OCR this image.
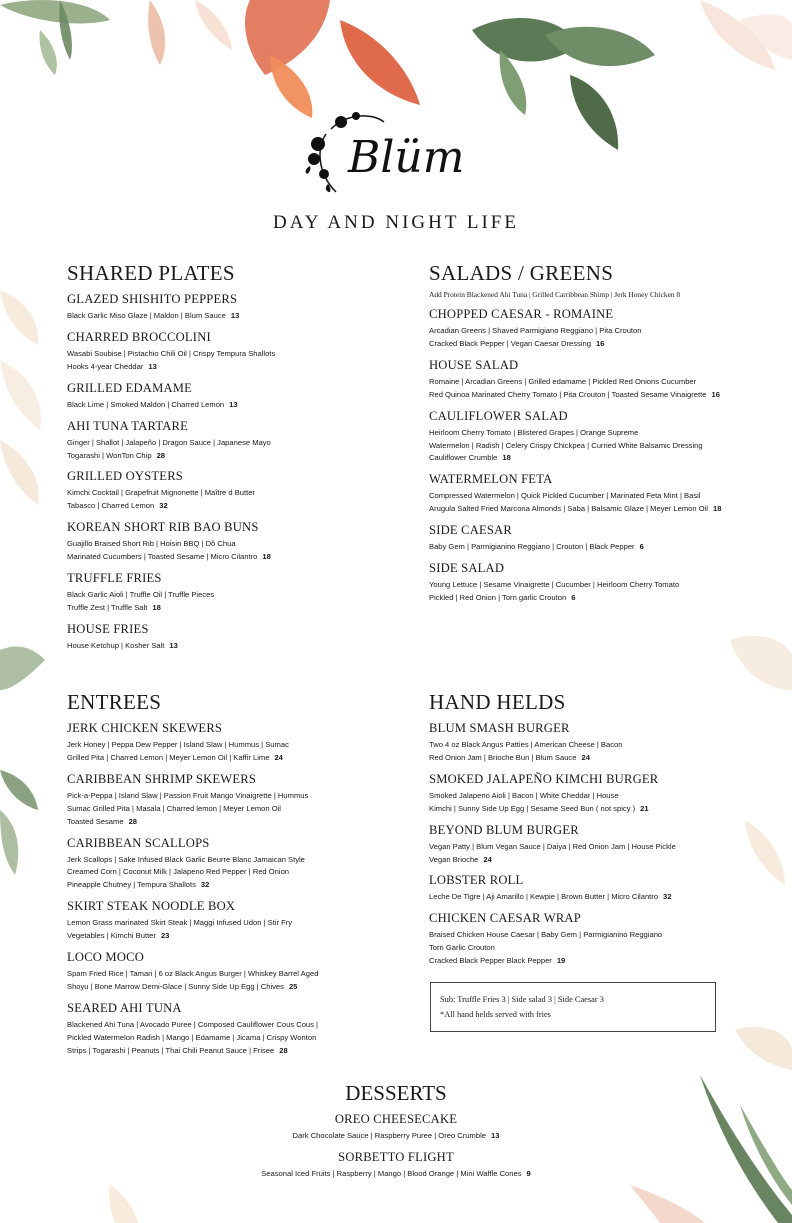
Blüm
DAY AND NIGHT LIFE
SHARED PLATES
GLAZED SHISHITO PEPPERS
Black Garlic Miso Glaze | Maldon | Blum Sauce 13
CHARRED BROCCOLINI
Wasabi Soubise | Pistachio Chili Oil | Crispy Tempura Shallots
Hooks 4-year Cheddar 13
GRILLED EDAMAME
Black Lime | Smoked Maldon | Charred Lemon 13
AHI TUNA TARTARE
Ginger | Shallot | Jalapeño | Dragon Sauce | Japanese Mayo
Togarashi | WonTon Chip 28
GRILLED OYSTERS
Kimchi Cocktail | Grapefruit Mignonette | Maître d Butter
Tabasco | Charred Lemon 32
KOREAN SHORT RIB BAO BUNS
Guajillo Braised Short Rib | Hoisin BBQ | Dô Chua
Marinated Cucumbers | Toasted Sesame | Micro Cilantro 18
TRUFFLE FRIES
Black Garlic Aioli | Truffle Oil | Truffle Pieces
Truffle Zest | Truffle Salt 18
HOUSE FRIES
House Ketchup | Kosher Salt 13
SALADS / GREENS
Add Protein Blackened Ahi Tuna | Grilled Carribbean Shimp | Jerk Honey Chicken 8
CHOPPED CAESAR - ROMAINE
Arcadian Greens | Shaved Parmigiano Reggiano | Pita Crouton
Cracked Black Pepper | Vegan Caesar Dressing 16
HOUSE SALAD
Romaine | Arcadian Greens | Grilled edamame | Pickled Red Onions Cucumber
Red Quinoa Marinated Cherry Tomato | Pita Crouton | Toasted Sesame Vinaigrette 16
CAULIFLOWER SALAD
Heirloom Cherry Tomato | Blistered Grapes | Orange Supreme
Watermelon | Radish | Celery Crispy Chickpea | Curried White Balsamic Dressing
Cauliflower Crumble 18
WATERMELON FETA
Compressed Watermelon | Quick Pickled Cucumber | Marinated Feta Mint | Basil
Arugula Salted Fried Marcona Almonds | Saba | Balsamic Glaze | Meyer Lemon Oil 18
SIDE CAESAR
Baby Gem | Parmigianino Reggiano | Crouton | Black Pepper 6
SIDE SALAD
Young Lettuce | Sesame Vinaigrette | Cucumber | Heirloom Cherry Tomato
Pickled | Red Onion | Torn garlic Crouton 6
ENTREES
JERK CHICKEN SKEWERS
Jerk Honey | Peppa Dew Pepper | Island Slaw | Hummus | Sumac
Grilled Pita | Charred Lemon | Meyer Lemon Oil | Kaffir Lime 24
CARIBBEAN SHRIMP SKEWERS
Pick-a-Peppa | Island Slaw | Passion Fruit Mango Vinaigrette | Hummus
Sumac Grilled Pita | Masala | Charred lemon | Meyer Lemon Oil
Toasted Sesame 28
CARIBBEAN SCALLOPS
Jerk Scallops | Sake Infused Black Garlic Beurre Blanc Jamaican Style
Creamed Corn | Coconut Milk | Jalapeno Red Pepper | Red Onion
Pineapple Chutney | Tempura Shallots 32
SKIRT STEAK NOODLE BOX
Lemon Grass marinated Skirt Steak | Maggi Infused Udon | Stir Fry
Vegetables | Kimchi Butter 23
LOCO MOCO
Spam Fried Rice | Tamari | 6 oz Black Angus Burger | Whiskey Barrel Aged
Shoyu | Bone Marrow Demi-Glace | Sunny Side Up Egg | Chives 25
SEARED AHI TUNA
Blackened Ahi Tuna | Avocado Puree | Composed Cauliflower Cous Cous |
Pickled Watermelon Radish | Mango | Edamame | Jicama | Crispy Wonton
Strips | Togarashi | Peanuts | Thai Chili Peanut Sauce | Frisee 28
HAND HELDS
BLUM SMASH BURGER
Two 4 oz Black Angus Patties | American Cheese | Bacon
Red Onion Jam | Brioche Bun | Blum Sauce 24
SMOKED JALAPEÑO KIMCHI BURGER
Smoked Jalapeno Aioli | Bacon | White Cheddar | House
Kimchi | Sunny Side Up Egg | Sesame Seed Bun ( not spicy ) 21
BEYOND BLUM BURGER
Vegan Patty | Blum Vegan Sauce | Daiya | Red Onion Jam | House Pickle
Vegan Brioche 24
LOBSTER ROLL
Leche De Tigre | Aji Amarillo | Kewpie | Brown Butter | Micro Cilantro 32
CHICKEN CAESAR WRAP
Braised Chicken House Caesar | Baby Gem | Parmigianino Reggiano
Torn Garlic Crouton
Cracked Black Pepper Black Pepper 19
Sub: Truffle Fries 3 | Side salad 3 | Side Caesar 3
*All hand helds served with fries
DESSERTS
OREO CHEESECAKE
Dark Chocolate Sauce | Raspberry Puree | Oreo Crumble 13
SORBETTO FLIGHT
Seasonal Iced Fruits | Raspberry | Mango | Blood Orange | Mini Waffle Cones 9
